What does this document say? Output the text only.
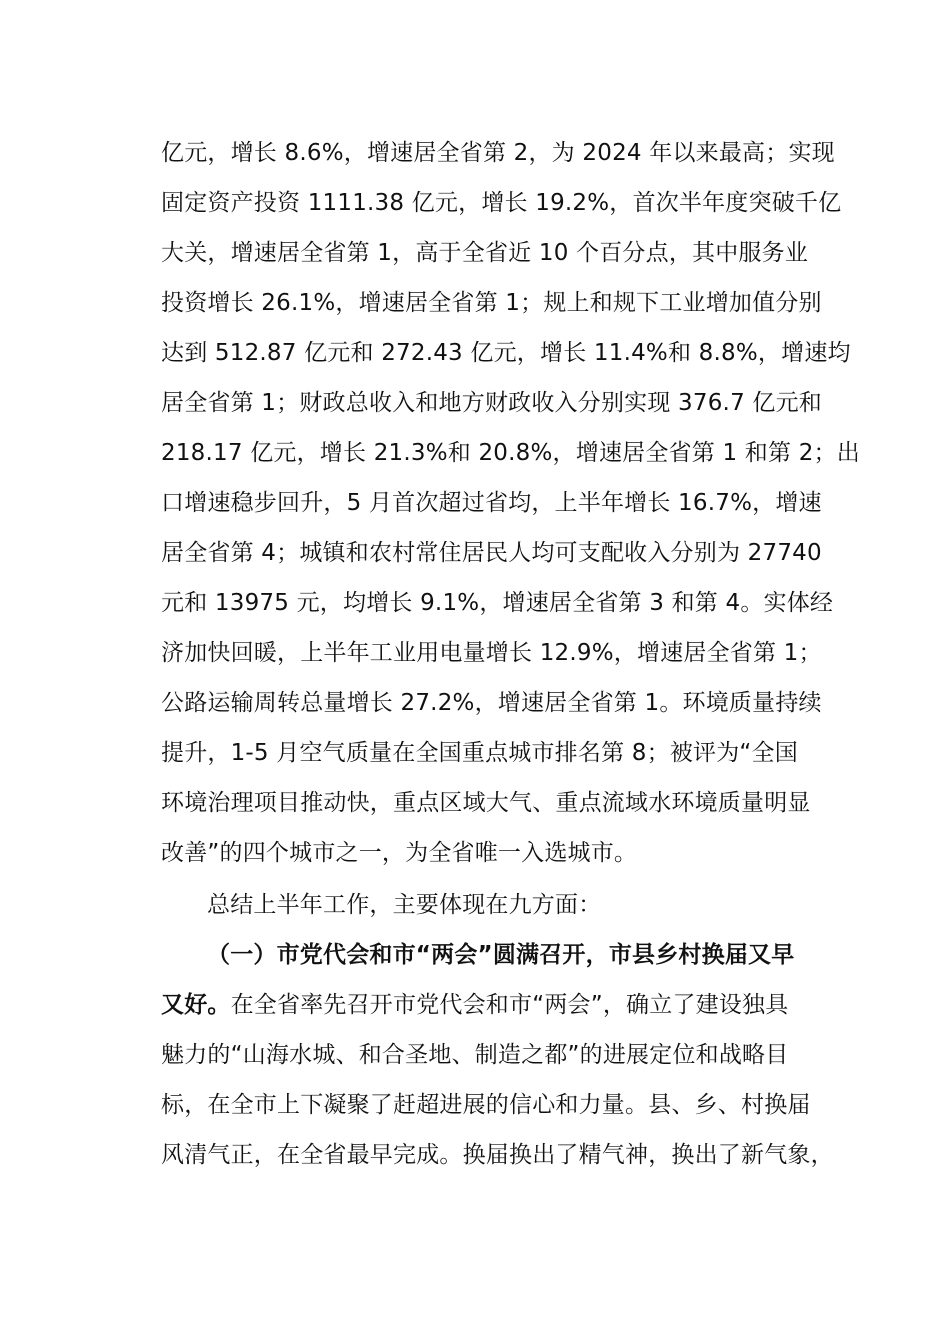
亿元，增长 8.6%，增速居全省第 2，为 2024 年以来最高；实现
固定资产投资 1111.38 亿元，增长 19.2%，首次半年度突破千亿
大关，增速居全省第 1，高于全省近 10 个百分点，其中服务业
投资增长 26.1%，增速居全省第 1；规上和规下工业增加值分别
达到 512.87 亿元和 272.43 亿元，增长 11.4%和 8.8%，增速均
居全省第 1；财政总收入和地方财政收入分别实现 376.7 亿元和
218.17 亿元，增长 21.3%和 20.8%，增速居全省第 1 和第 2；出
口增速稳步回升，5 月首次超过省均，上半年增长 16.7%，增速
居全省第 4；城镇和农村常住居民人均可支配收入分别为 27740
元和 13975 元，均增长 9.1%，增速居全省第 3 和第 4。实体经
济加快回暖，上半年工业用电量增长 12.9%，增速居全省第 1；
公路运输周转总量增长 27.2%，增速居全省第 1。环境质量持续
提升，1-5 月空气质量在全国重点城市排名第 8；被评为“全国
环境治理项目推动快，重点区域大气、重点流域水环境质量明显
改善”的四个城市之一，为全省唯一入选城市。
总结上半年工作，主要体现在九方面：
（一）市党代会和市“两会”圆满召开，市县乡村换届又早
又好。在全省率先召开市党代会和市“两会”，确立了建设独具
魅力的“山海水城、和合圣地、制造之都”的进展定位和战略目
标，在全市上下凝聚了赶超进展的信心和力量。县、乡、村换届
风清气正，在全省最早完成。换届换出了精气神，换出了新气象，
